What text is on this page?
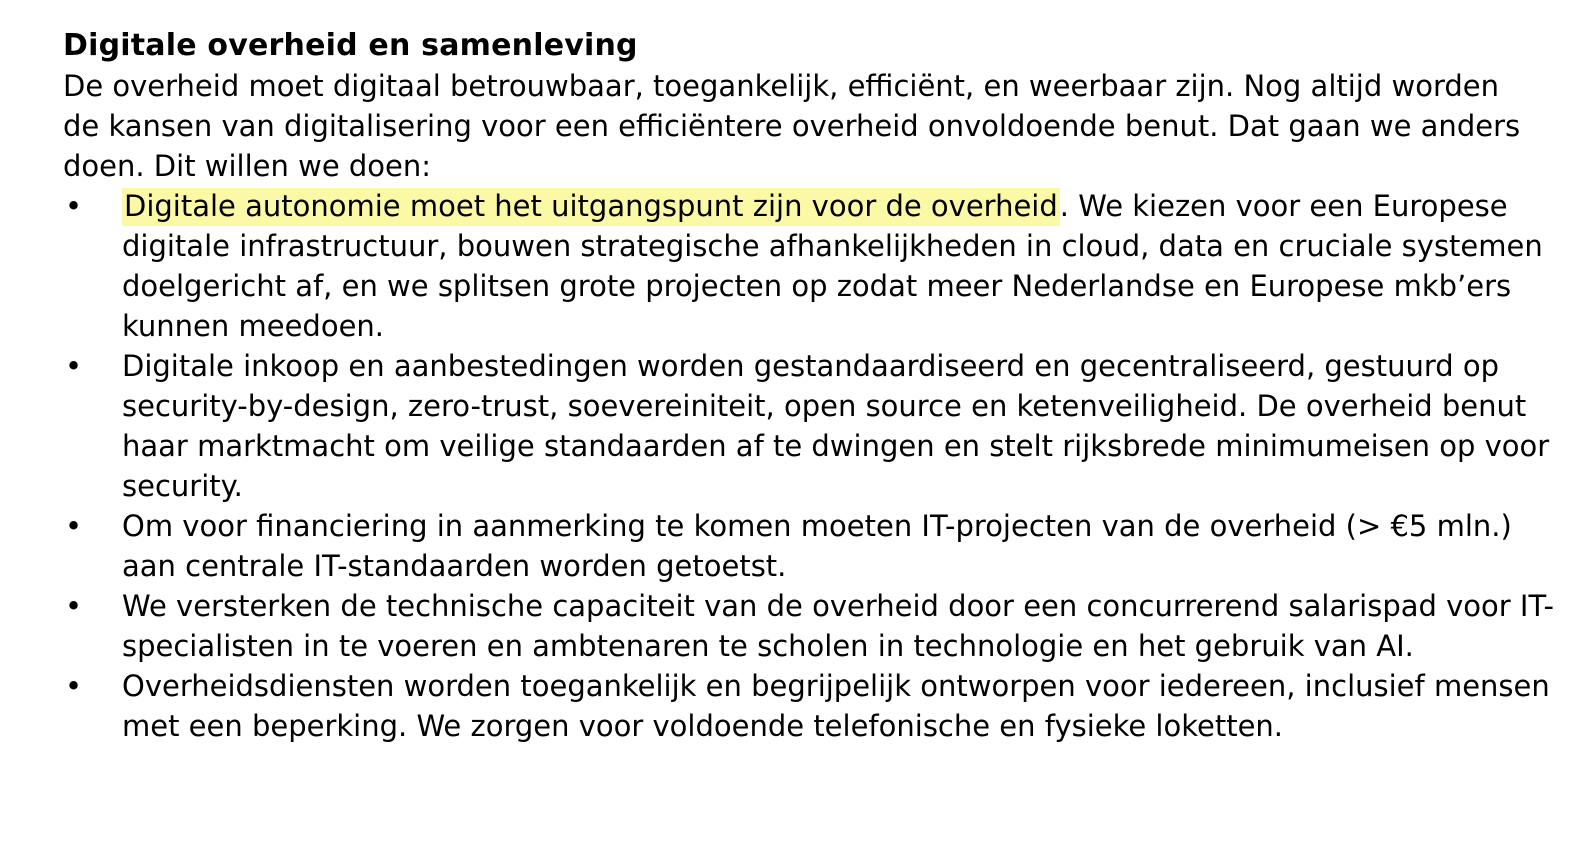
Digitale overheid en samenleving

De overheid moet digitaal betrouwbaar, toegankelijk, efficiënt, en weerbaar zijn. Nog altijd worden de kansen van digitalisering voor een efficiëntere overheid onvoldoende benut. Dat gaan we anders doen. Dit willen we doen:

• Digitale autonomie moet het uitgangspunt zijn voor de overheid. We kiezen voor een Europese digitale infrastructuur, bouwen strategische afhankelijkheden in cloud, data en cruciale systemen doelgericht af, en we splitsen grote projecten op zodat meer Nederlandse en Europese mkb’ers kunnen meedoen.
• Digitale inkoop en aanbestedingen worden gestandaardiseerd en gecentraliseerd, gestuurd op security-by-design, zero-trust, soevereiniteit, open source en ketenveiligheid. De overheid benut haar marktmacht om veilige standaarden af te dwingen en stelt rijksbrede minimumeisen op voor security.
• Om voor financiering in aanmerking te komen moeten IT-projecten van de overheid (> €5 mln.) aan centrale IT-standaarden worden getoetst.
• We versterken de technische capaciteit van de overheid door een concurrerend salarispad voor IT-specialisten in te voeren en ambtenaren te scholen in technologie en het gebruik van AI.
• Overheidsdiensten worden toegankelijk en begrijpelijk ontworpen voor iedereen, inclusief mensen met een beperking. We zorgen voor voldoende telefonische en fysieke loketten.
